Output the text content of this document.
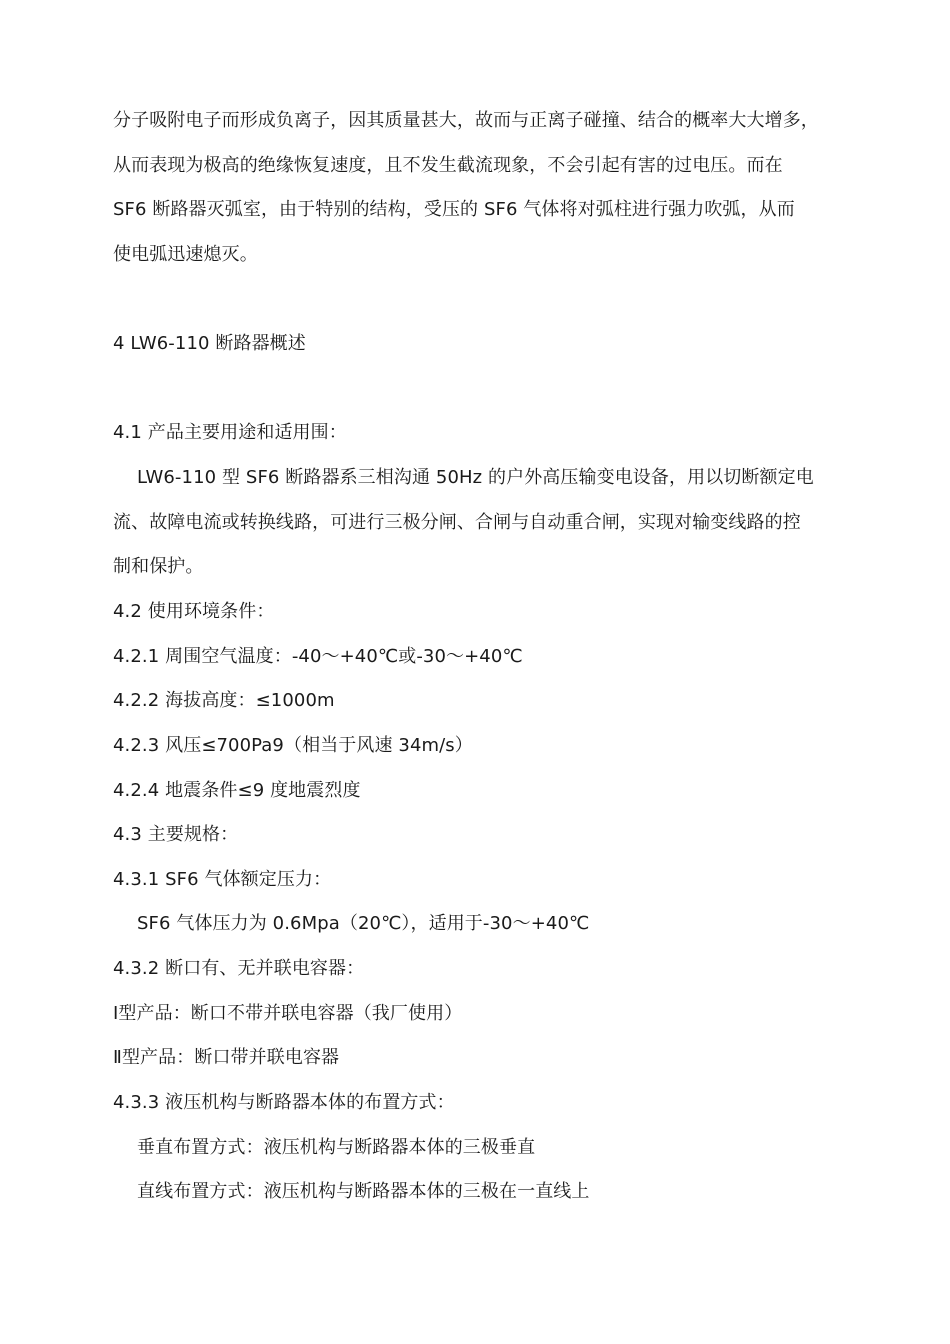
分子吸附电子而形成负离子，因其质量甚大，故而与正离子碰撞、结合的概率大大增多，
从而表现为极高的绝缘恢复速度，且不发生截流现象，不会引起有害的过电压。而在
SF6 断路器灭弧室，由于特别的结构，受压的 SF6 气体将对弧柱进行强力吹弧，从而
使电弧迅速熄灭。
4 LW6-110 断路器概述
4.1 产品主要用途和适用围：
LW6-110 型 SF6 断路器系三相沟通 50Hz 的户外高压输变电设备，用以切断额定电
流、故障电流或转换线路，可进行三极分闸、合闸与自动重合闸，实现对输变线路的控
制和保护。
4.2 使用环境条件：
4.2.1 周围空气温度：-40～+40℃或-30～+40℃
4.2.2 海拔高度：≤1000m
4.2.3 风压≤700Pa9（相当于风速 34m/s）
4.2.4 地震条件≤9 度地震烈度
4.3 主要规格：
4.3.1 SF6 气体额定压力：
SF6 气体压力为 0.6Mpa（20℃），适用于-30～+40℃
4.3.2 断口有、无并联电容器：
Ⅰ型产品：断口不带并联电容器（我厂使用）
Ⅱ型产品：断口带并联电容器
4.3.3 液压机构与断路器本体的布置方式：
垂直布置方式：液压机构与断路器本体的三极垂直
直线布置方式：液压机构与断路器本体的三极在一直线上
